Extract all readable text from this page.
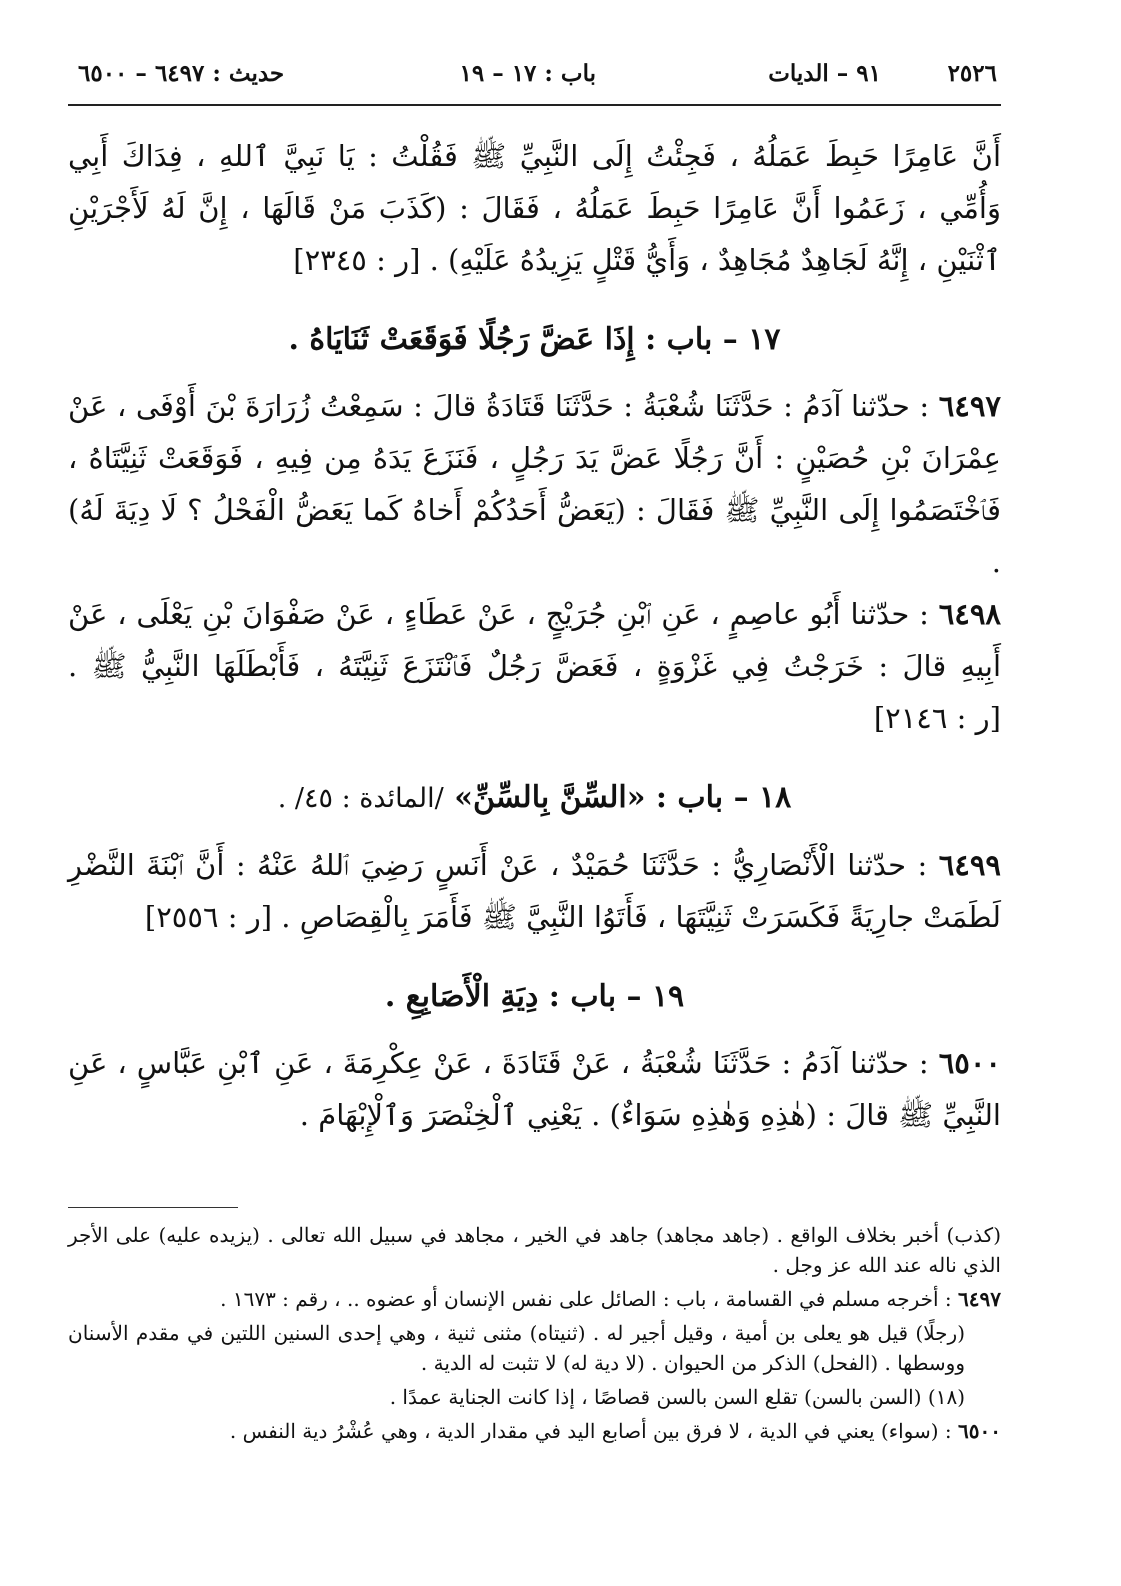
٢٥٢٦
٩١ – الديات
باب : ١٧ – ١٩
حديث : ٦٤٩٧ – ٦٥٠٠

أَنَّ عَامِرًا حَبِطَ عَمَلُهُ ، فَجِئْتُ إِلَى النَّبِيِّ ﷺ فَقُلْتُ : يَا نَبِيَّ ٱللهِ ، فِدَاكَ أَبِي وَأُمِّي ، زَعَمُوا أَنَّ عَامِرًا حَبِطَ عَمَلُهُ ، فَقَالَ : (كَذَبَ مَنْ قَالَهَا ، إِنَّ لَهُ لَأَجْرَيْنِ ٱثْنَيْنِ ، إِنَّهُ لَجَاهِدٌ مُجَاهِدٌ ، وَأَيُّ قَتْلٍ يَزِيدُهُ عَلَيْهِ) . [ر : ٢٣٤٥]

١٧ – باب : إِذَا عَضَّ رَجُلًا فَوَقَعَتْ ثَنَايَاهُ .

٦٤٩٧ : حدّثنا آدَمُ : حَدَّثَنَا شُعْبَةُ : حَدَّثَنَا قَتَادَةُ قالَ : سَمِعْتُ زُرَارَةَ بْنَ أَوْفَى ، عَنْ عِمْرَانَ بْنِ حُصَيْنٍ : أَنَّ رَجُلًا عَضَّ يَدَ رَجُلٍ ، فَنَزَعَ يَدَهُ مِن فِيهِ ، فَوَقَعَتْ ثَنِيَّتَاهُ ، فَٱخْتَصَمُوا إِلَى النَّبِيِّ ﷺ فَقَالَ : (يَعَضُّ أَحَدُكُمْ أَخاهُ كَما يَعَضُّ الْفَحْلُ ؟ لَا دِيَةَ لَهُ) .

٦٤٩٨ : حدّثنا أَبُو عاصِمٍ ، عَنِ ٱبْنِ جُرَيْجٍ ، عَنْ عَطَاءٍ ، عَنْ صَفْوَانَ بْنِ يَعْلَى ، عَنْ أَبِيهِ قالَ : خَرَجْتُ فِي غَزْوَةٍ ، فَعَضَّ رَجُلٌ فَٱنْتَزَعَ ثَنِيَّتَهُ ، فَأَبْطَلَهَا النَّبِيُّ ﷺ . [ر : ٢١٤٦]

١٨ – باب : «السِّنَّ بِالسِّنِّ» /المائدة : ٤٥/ .

٦٤٩٩ : حدّثنا الْأَنْصَارِيُّ : حَدَّثَنَا حُمَيْدٌ ، عَنْ أَنَسٍ رَضِيَ ٱللهُ عَنْهُ : أَنَّ ٱبْنَةَ النَّضْرِ لَطَمَتْ جارِيَةً فَكَسَرَتْ ثَنِيَّتَهَا ، فَأَتَوُا النَّبِيَّ ﷺ فَأَمَرَ بِالْقِصَاصِ . [ر : ٢٥٥٦]

١٩ – باب : دِيَةِ الْأَصَابِعِ .

٦٥٠٠ : حدّثنا آدَمُ : حَدَّثَنَا شُعْبَةُ ، عَنْ قَتَادَةَ ، عَنْ عِكْرِمَةَ ، عَنِ ٱبْنِ عَبَّاسٍ ، عَنِ النَّبِيِّ ﷺ قالَ : (هٰذِهِ وَهٰذِهِ سَوَاءٌ) . يَعْنِي ٱلْخِنْصَرَ وَٱلْإِبْهَامَ .

(كذب) أخبر بخلاف الواقع . (جاهد مجاهد) جاهد في الخير ، مجاهد في سبيل الله تعالى . (يزيده عليه) على الأجر الذي ناله عند الله عز وجل .

٦٤٩٧ : أخرجه مسلم في القسامة ، باب : الصائل على نفس الإنسان أو عضوه .. ، رقم : ١٦٧٣ .

(رجلًا) قيل هو يعلى بن أمية ، وقيل أجير له . (ثنيتاه) مثنى ثنية ، وهي إحدى السنين اللتين في مقدم الأسنان ووسطها . (الفحل) الذكر من الحيوان . (لا دية له) لا تثبت له الدية .

(١٨) (السن بالسن) تقلع السن بالسن قصاصًا ، إذا كانت الجناية عمدًا .

٦٥٠٠ : (سواء) يعني في الدية ، لا فرق بين أصابع اليد في مقدار الدية ، وهي عُشْرُ دية النفس .
